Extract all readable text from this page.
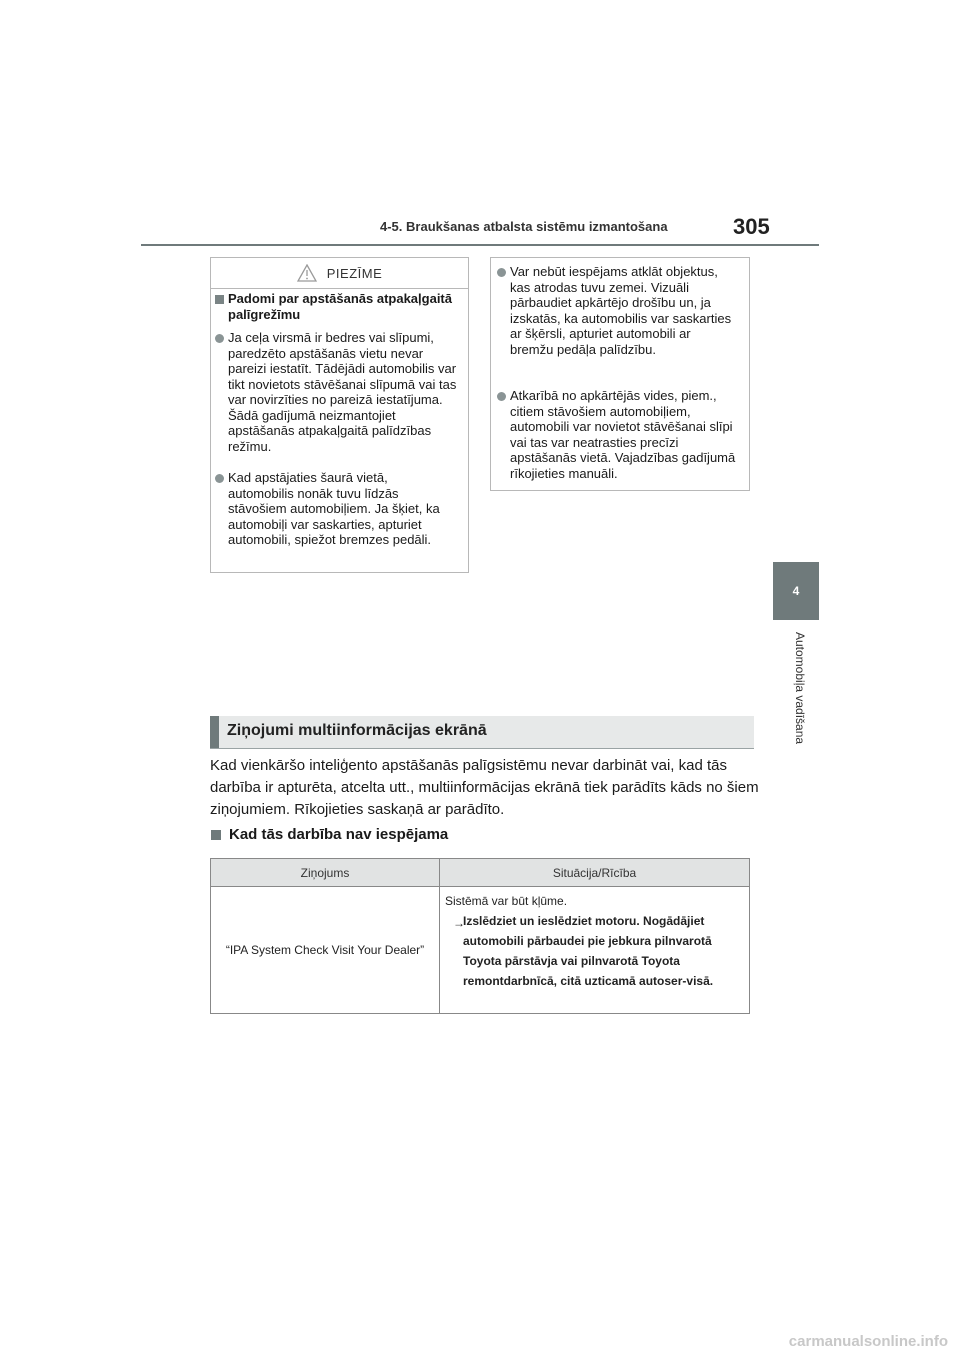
4-5. Braukšanas atbalsta sistēmu izmantošana	305
4
Automobiļa vadīšana
PIEZĪME
Padomi par apstāšanās atpakaļgaitā palīgrežīmu
Ja ceļa virsmā ir bedres vai slīpumi, paredzēto apstāšanās vietu nevar pareizi iestatīt. Tādējādi automobilis var tikt novietots stāvēšanai slīpumā vai tas var novirzīties no pareizā iestatījuma. Šādā gadījumā neizmantojiet apstāšanās atpakaļgaitā palīdzības režīmu.
Kad apstājaties šaurā vietā, automobilis nonāk tuvu līdzās stāvošiem automobiļiem. Ja šķiet, ka automobiļi var saskarties, apturiet automobili, spiežot bremzes pedāli.
Var nebūt iespējams atklāt objektus, kas atrodas tuvu zemei. Vizuāli pārbaudiet apkārtējo drošību un, ja izskatās, ka automobilis var saskarties ar šķērsli, apturiet automobili ar bremžu pedāļa palīdzību.
Atkarībā no apkārtējās vides, piem., citiem stāvošiem automobiļiem, automobili var novietot stāvēšanai slīpi vai tas var neatrasties precīzi apstāšanās vietā. Vajadzības gadījumā rīkojieties manuāli.
Ziņojumi multiinformācijas ekrānā
Kad vienkāršo inteliģento apstāšanās palīgsistēmu nevar darbināt vai, kad tās darbība ir apturēta, atcelta utt., multiinformācijas ekrānā tiek parādīts kāds no šiem ziņojumiem. Rīkojieties saskaņā ar parādīto.
Kad tās darbība nav iespējama
Ziņojums	Situācija/Rīcība
“IPA System Check Visit Your Dealer”
Sistēmā var būt kļūme.
→
Izslēdziet un ieslēdziet motoru. Nogādājiet automobili pārbaudei pie jebkura pilnvarotā Toyota pārstāvja vai pilnvarotā Toyota remontdarbnīcā, citā uzticamā autoser-visā.
carmanualsonline.info
